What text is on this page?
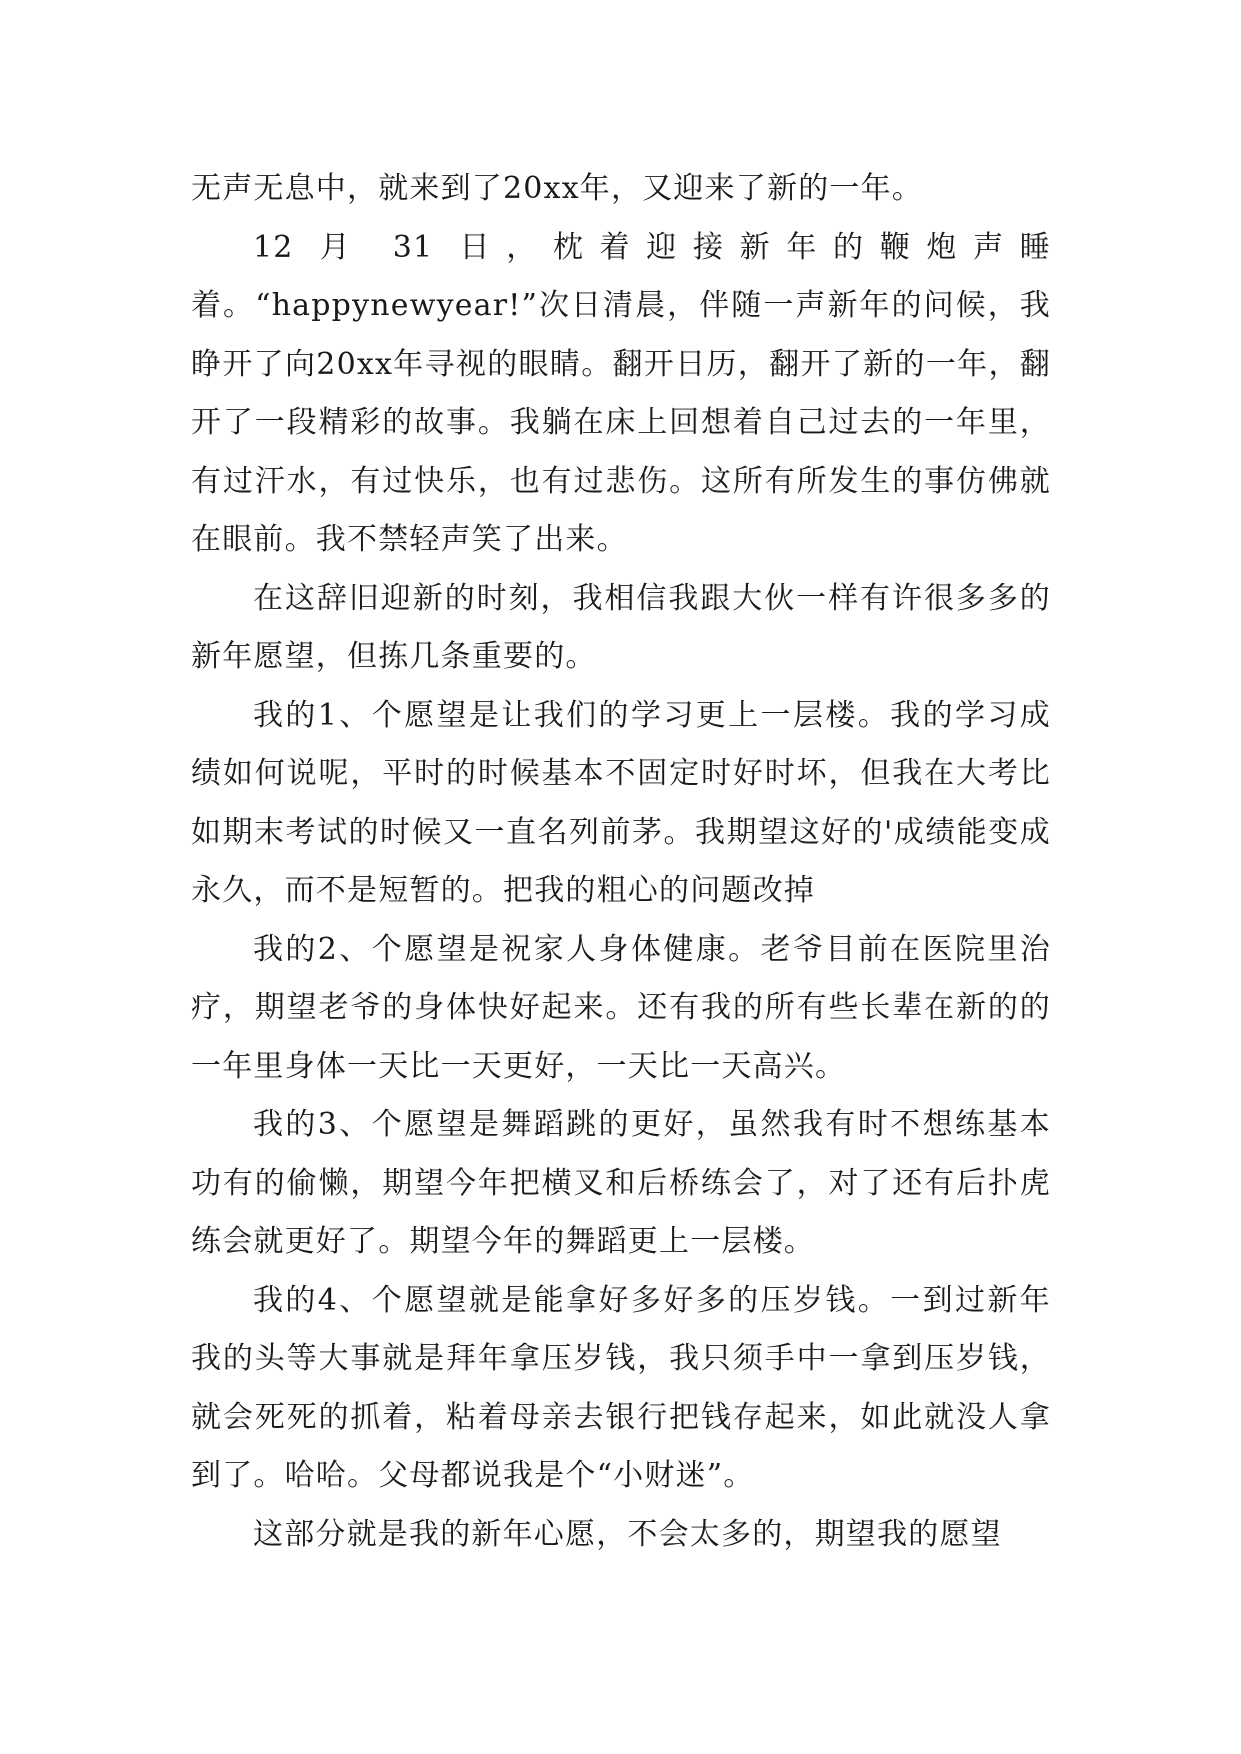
无声无息中，就来到了20xx年，又迎来了新的一年。

12 月 31 日，枕着迎接新年的鞭炮声睡着。“happynewyear!”次日清晨，伴随一声新年的问候，我睁开了向20xx年寻视的眼睛。翻开日历，翻开了新的一年，翻开了一段精彩的故事。我躺在床上回想着自己过去的一年里，有过汗水，有过快乐，也有过悲伤。这所有所发生的事仿佛就在眼前。我不禁轻声笑了出来。

在这辞旧迎新的时刻，我相信我跟大伙一样有许很多多的新年愿望，但拣几条重要的。

我的1、个愿望是让我们的学习更上一层楼。我的学习成绩如何说呢，平时的时候基本不固定时好时坏，但我在大考比如期末考试的时候又一直名列前茅。我期望这好的'成绩能变成永久，而不是短暂的。把我的粗心的问题改掉

我的2、个愿望是祝家人身体健康。老爷目前在医院里治疗，期望老爷的身体快好起来。还有我的所有些长辈在新的的一年里身体一天比一天更好，一天比一天高兴。

我的3、个愿望是舞蹈跳的更好，虽然我有时不想练基本功有的偷懒，期望今年把横叉和后桥练会了，对了还有后扑虎练会就更好了。期望今年的舞蹈更上一层楼。

我的4、个愿望就是能拿好多好多的压岁钱。一到过新年我的头等大事就是拜年拿压岁钱，我只须手中一拿到压岁钱，就会死死的抓着，粘着母亲去银行把钱存起来，如此就没人拿到了。哈哈。父母都说我是个“小财迷”。

这部分就是我的新年心愿，不会太多的，期望我的愿望
